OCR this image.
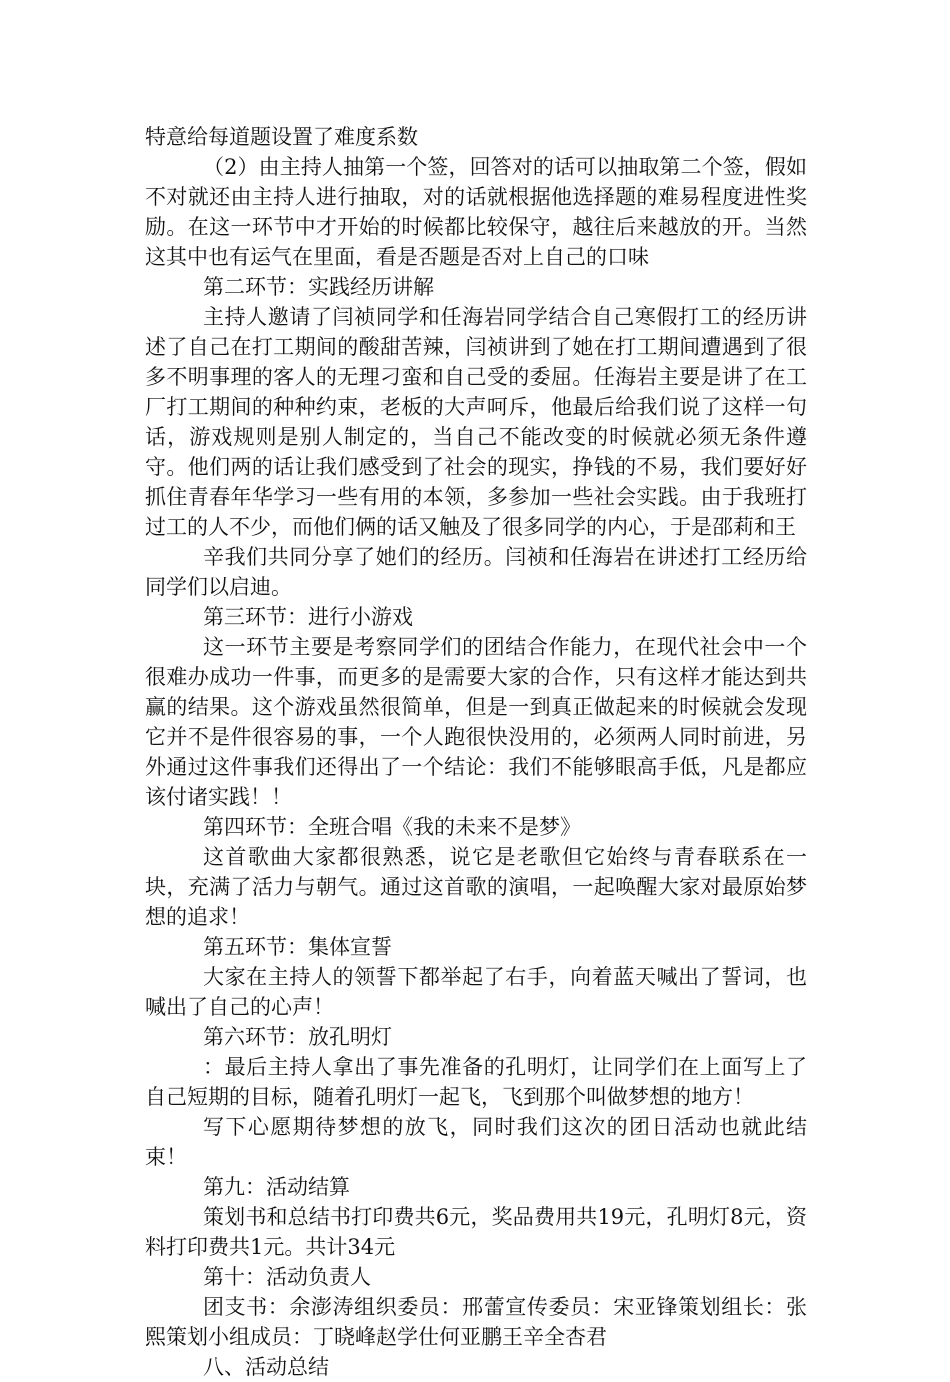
特意给每道题设置了难度系数

（2）由主持人抽第一个签，回答对的话可以抽取第二个签，假如不对就还由主持人进行抽取，对的话就根据他选择题的难易程度进性奖励。在这一环节中才开始的时候都比较保守，越往后来越放的开。当然这其中也有运气在里面，看是否题是否对上自己的口味

第二环节：实践经历讲解

主持人邀请了闫祯同学和任海岩同学结合自己寒假打工的经历讲述了自己在打工期间的酸甜苦辣，闫祯讲到了她在打工期间遭遇到了很多不明事理的客人的无理刁蛮和自己受的委屈。任海岩主要是讲了在工厂打工期间的种种约束，老板的大声呵斥，他最后给我们说了这样一句话，游戏规则是别人制定的，当自己不能改变的时候就必须无条件遵守。他们两的话让我们感受到了社会的现实，挣钱的不易，我们要好好抓住青春年华学习一些有用的本领，多参加一些社会实践。由于我班打过工的人不少，而他们俩的话又触及了很多同学的内心，于是邵莉和王

辛我们共同分享了她们的经历。闫祯和任海岩在讲述打工经历给同学们以启迪。

第三环节：进行小游戏

这一环节主要是考察同学们的团结合作能力，在现代社会中一个很难办成功一件事，而更多的是需要大家的合作，只有这样才能达到共赢的结果。这个游戏虽然很简单，但是一到真正做起来的时候就会发现它并不是件很容易的事，一个人跑很快没用的，必须两人同时前进，另外通过这件事我们还得出了一个结论：我们不能够眼高手低，凡是都应该付诸实践！！

第四环节：全班合唱《我的未来不是梦》

这首歌曲大家都很熟悉，说它是老歌但它始终与青春联系在一块，充满了活力与朝气。通过这首歌的演唱，一起唤醒大家对最原始梦想的追求！

第五环节：集体宣誓

大家在主持人的领誓下都举起了右手，向着蓝天喊出了誓词，也喊出了自己的心声！

第六环节：放孔明灯

：最后主持人拿出了事先准备的孔明灯，让同学们在上面写上了自己短期的目标，随着孔明灯一起飞，飞到那个叫做梦想的地方！

写下心愿期待梦想的放飞，同时我们这次的团日活动也就此结束！

第九：活动结算

策划书和总结书打印费共6元，奖品费用共19元，孔明灯8元，资料打印费共1元。共计34元

第十：活动负责人

团支书：余澎涛组织委员：邢蕾宣传委员：宋亚锋策划组长：张熙策划小组成员：丁晓峰赵学仕何亚鹏王辛全杏君

八、活动总结
